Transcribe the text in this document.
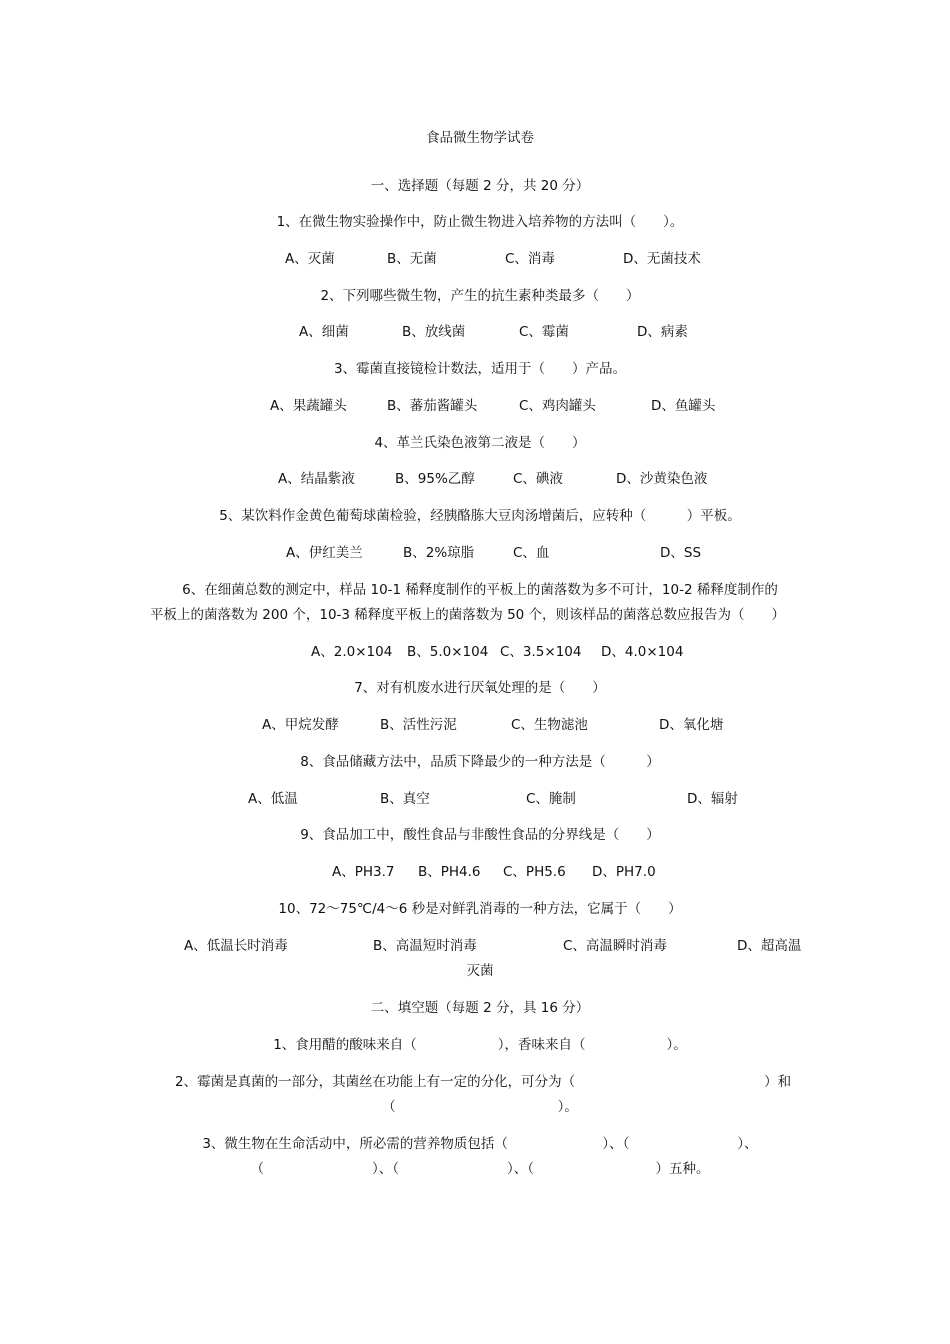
食品微生物学试卷
一、选择题（每题 2 分，共 20 分）
1、在微生物实验操作中，防止微生物进入培养物的方法叫（　　）。
A、灭菌	B、无菌	C、消毒	D、无菌技术
2、下列哪些微生物，产生的抗生素种类最多（　　）
A、细菌	B、放线菌	C、霉菌	D、病素
3、霉菌直接镜检计数法，适用于（　　）产品。
A、果蔬罐头	B、蕃茄酱罐头	C、鸡肉罐头	D、鱼罐头
4、革兰氏染色液第二液是（　　）
A、结晶紫液	B、95%乙醇	C、碘液	D、沙黄染色液
5、某饮料作金黄色葡萄球菌检验，经胰酪胨大豆肉汤增菌后，应转种（　　　）平板。
A、伊红美兰	B、2%琼脂	C、血	D、SS
6、在细菌总数的测定中，样品 10-1 稀释度制作的平板上的菌落数为多不可计，10-2 稀释度制作的
平板上的菌落数为 200 个，10-3 稀释度平板上的菌落数为 50 个，则该样品的菌落总数应报告为（　　）
A、2.0×104 B、5.0×104 C、3.5×104 D、4.0×104
7、对有机废水进行厌氧处理的是（　　）
A、甲烷发酵	B、活性污泥	C、生物滤池	D、氧化塘
8、食品储藏方法中，品质下降最少的一种方法是（　　　）
A、低温	B、真空	C、腌制	D、辐射
9、食品加工中，酸性食品与非酸性食品的分界线是（　　）
A、PH3.7 B、PH4.6 C、PH5.6 D、PH7.0
10、72～75℃/4～6 秒是对鲜乳消毒的一种方法，它属于（　　）
A、低温长时消毒	B、高温短时消毒	C、高温瞬时消毒	D、超高温
灭菌
二、填空题（每题 2 分，具 16 分）
1、食用醋的酸味来自（　　　　　　），香味来自（　　　　　　）。
2、霉菌是真菌的一部分，其菌丝在功能上有一定的分化，可分为（　　　　　　　　　　　　　　）和
（　　　　　　　　　　　　）。
3、微生物在生命活动中，所必需的营养物质包括（　　　　　　　）、（　　　　　　　　）、
（　　　　　　　　）、（　　　　　　　　）、（　　　　　　　　　）五种。
